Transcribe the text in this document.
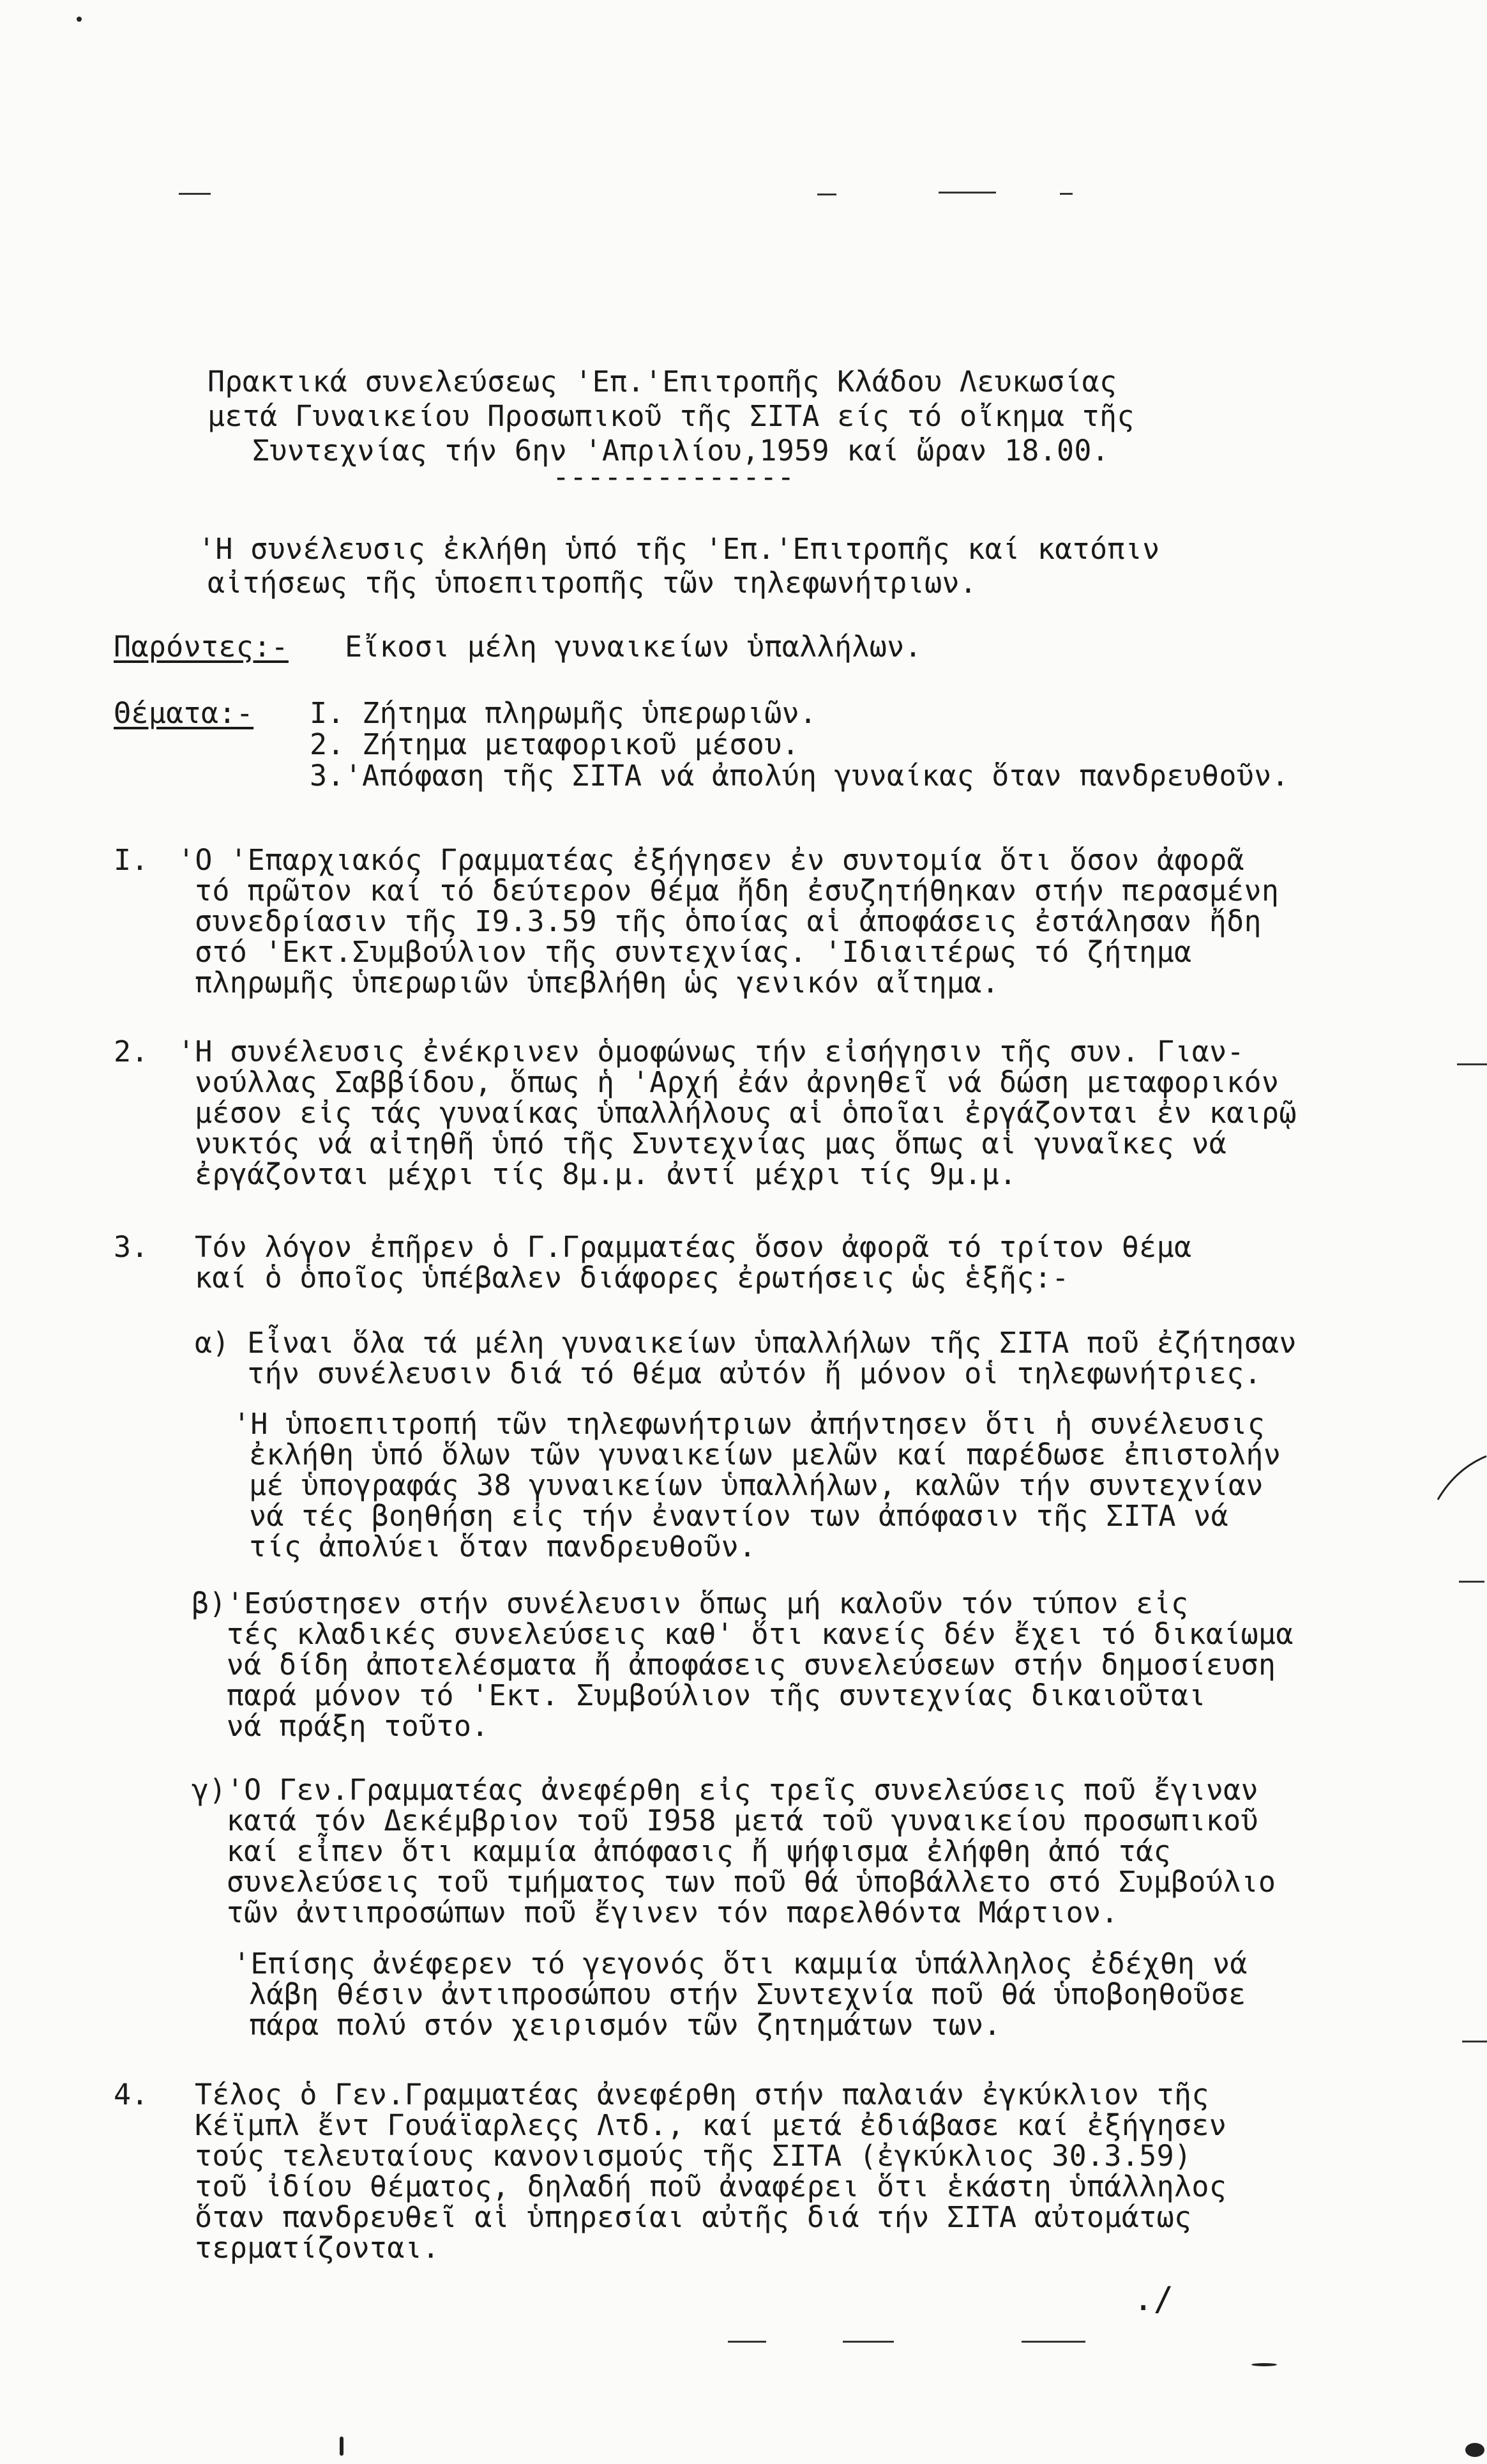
Πρακτικά συνελεύσεως 'Επ.'Επιτροπῆς Κλάδου Λευκωσίας
μετά Γυναικείου Προσωπικοῦ τῆς ΣΙΤΑ είς τό οἴκημα τῆς
Συντεχνίας τήν 6ην 'Απριλίου,1959 καί ὥραν 18.00.
--------------
'Η συνέλευσις ἐκλήθη ὑπό τῆς 'Επ.'Επιτροπῆς καί κατόπιν
αἰτήσεως τῆς ὑποεπιτροπῆς τῶν τηλεφωνήτριων.
Παρόντες:- Εἴκοσι μέλη γυναικείων ὑπαλλήλων.
Θέματα:- Ι. Ζήτημα πληρωμῆς ὑπερωριῶν.
2. Ζήτημα μεταφορικοῦ μέσου.
3.'Απόφαση τῆς ΣΙΤΑ νά ἀπολύη γυναίκας ὅταν πανδρευθοῦν.
Ι. 'Ο 'Επαρχιακός Γραμματέας ἐξήγησεν ἐν συντομία ὅτι ὅσον ἀφορᾶ
τό πρῶτον καί τό δεύτερον θέμα ἤδη ἐσυζητήθηκαν στήν περασμένη
συνεδρίασιν τῆς Ι9.3.59 τῆς ὁποίας αἱ ἀποφάσεις ἐστάλησαν ἤδη
στό 'Εκτ.Συμβούλιον τῆς συντεχνίας. 'Ιδιαιτέρως τό ζήτημα
πληρωμῆς ὑπερωριῶν ὑπεβλήθη ὡς γενικόν αἴτημα.
2. 'Η συνέλευσις ἐνέκρινεν ὁμοφώνως τήν εἰσήγησιν τῆς συν. Γιαν-
νούλλας Σαββίδου, ὅπως ἡ 'Αρχή ἐάν ἀρνηθεῖ νά δώση μεταφορικόν
μέσον εἰς τάς γυναίκας ὑπαλλήλους αἱ ὁποῖαι ἐργάζονται ἐν καιρῷ
νυκτός νά αἰτηθῆ ὑπό τῆς Συντεχνίας μας ὅπως αἱ γυναῖκες νά
ἐργάζονται μέχρι τίς 8μ.μ. ἀντί μέχρι τίς 9μ.μ.
3. Τόν λόγον ἐπῆρεν ὁ Γ.Γραμματέας ὅσον ἀφορᾶ τό τρίτον θέμα
καί ὁ ὁποῖος ὑπέβαλεν διάφορες ἐρωτήσεις ὡς ἑξῆς:-
α) Εἶναι ὅλα τά μέλη γυναικείων ὑπαλλήλων τῆς ΣΙΤΑ ποῦ ἐζήτησαν
τήν συνέλευσιν διά τό θέμα αὐτόν ἤ μόνον οἱ τηλεφωνήτριες.
'Η ὑποεπιτροπή τῶν τηλεφωνήτριων ἀπήντησεν ὅτι ἡ συνέλευσις
ἐκλήθη ὑπό ὅλων τῶν γυναικείων μελῶν καί παρέδωσε ἐπιστολήν
μέ ὑπογραφάς 38 γυναικείων ὑπαλλήλων, καλῶν τήν συντεχνίαν
νά τές βοηθήση εἰς τήν ἐναντίον των ἀπόφασιν τῆς ΣΙΤΑ νά
τίς ἀπολύει ὅταν πανδρευθοῦν.
β)'Εσύστησεν στήν συνέλευσιν ὅπως μή καλοῦν τόν τύπον εἰς
τές κλαδικές συνελεύσεις καθ' ὅτι κανείς δέν ἔχει τό δικαίωμα
νά δίδη ἀποτελέσματα ἤ ἀποφάσεις συνελεύσεων στήν δημοσίευση
παρά μόνον τό 'Εκτ. Συμβούλιον τῆς συντεχνίας δικαιοῦται
νά πράξη τοῦτο.
γ)'Ο Γεν.Γραμματέας ἀνεφέρθη εἰς τρεῖς συνελεύσεις ποῦ ἔγιναν
κατά τόν Δεκέμβριον τοῦ Ι958 μετά τοῦ γυναικείου προσωπικοῦ
καί εἶπεν ὅτι καμμία ἀπόφασις ἤ ψήφισμα ἐλήφθη ἀπό τάς
συνελεύσεις τοῦ τμήματος των ποῦ θά ὑποβάλλετο στό Συμβούλιο
τῶν ἀντιπροσώπων ποῦ ἔγινεν τόν παρελθόντα Μάρτιον.
'Επίσης ἀνέφερεν τό γεγονός ὅτι καμμία ὑπάλληλος ἐδέχθη νά
λάβη θέσιν ἀντιπροσώπου στήν Συντεχνία ποῦ θά ὑποβοηθοῦσε
πάρα πολύ στόν χειρισμόν τῶν ζητημάτων των.
4. Τέλος ὁ Γεν.Γραμματέας ἀνεφέρθη στήν παλαιάν ἐγκύκλιον τῆς
Κέϊμπλ ἔντ Γουάϊαρλεςς Λτδ., καί μετά ἐδιάβασε καί ἐξήγησεν
τούς τελευταίους κανονισμούς τῆς ΣΙΤΑ (ἐγκύκλιος 30.3.59)
τοῦ ἰδίου θέματος, δηλαδή ποῦ ἀναφέρει ὅτι ἑκάστη ὑπάλληλος
ὅταν πανδρευθεῖ αἱ ὑπηρεσίαι αὐτῆς διά τήν ΣΙΤΑ αὐτομάτως
τερματίζονται.
./
